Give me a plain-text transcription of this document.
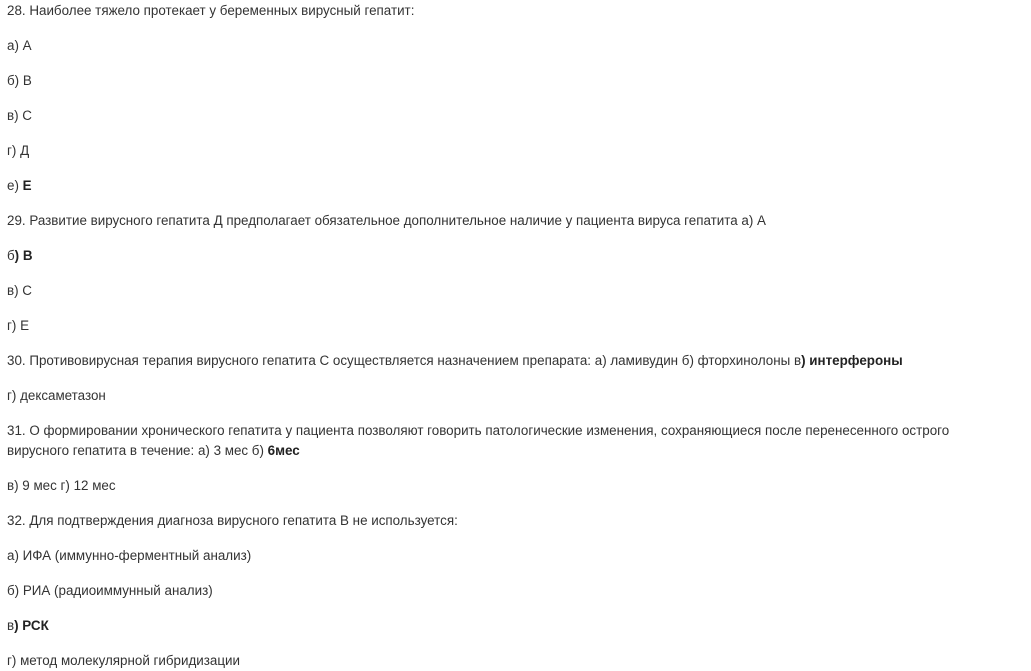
28. Наиболее тяжело протекает у беременных вирусный гепатит:

а) А

б) В

в) С

г) Д

е) Е

29. Развитие вирусного гепатита Д предполагает обязательное дополнительное наличие у пациента вируса гепатита а) А

б) В

в) С

г) Е

30. Противовирусная терапия вирусного гепатита С осуществляется назначением препарата: а) ламивудин б) фторхинолоны в) интерфероны

г) дексаметазон

31. О формировании хронического гепатита у пациента позволяют говорить патологические изменения, сохраняющиеся после перенесенного острого

вирусного гепатита в течение: а) 3 мес б) 6мес

в) 9 мес г) 12 мес

32. Для подтверждения диагноза вирусного гепатита В не используется:

а) ИФА (иммунно-ферментный анализ)

б) РИА (радиоиммунный анализ)

в) РСК

г) метод молекулярной гибридизации
